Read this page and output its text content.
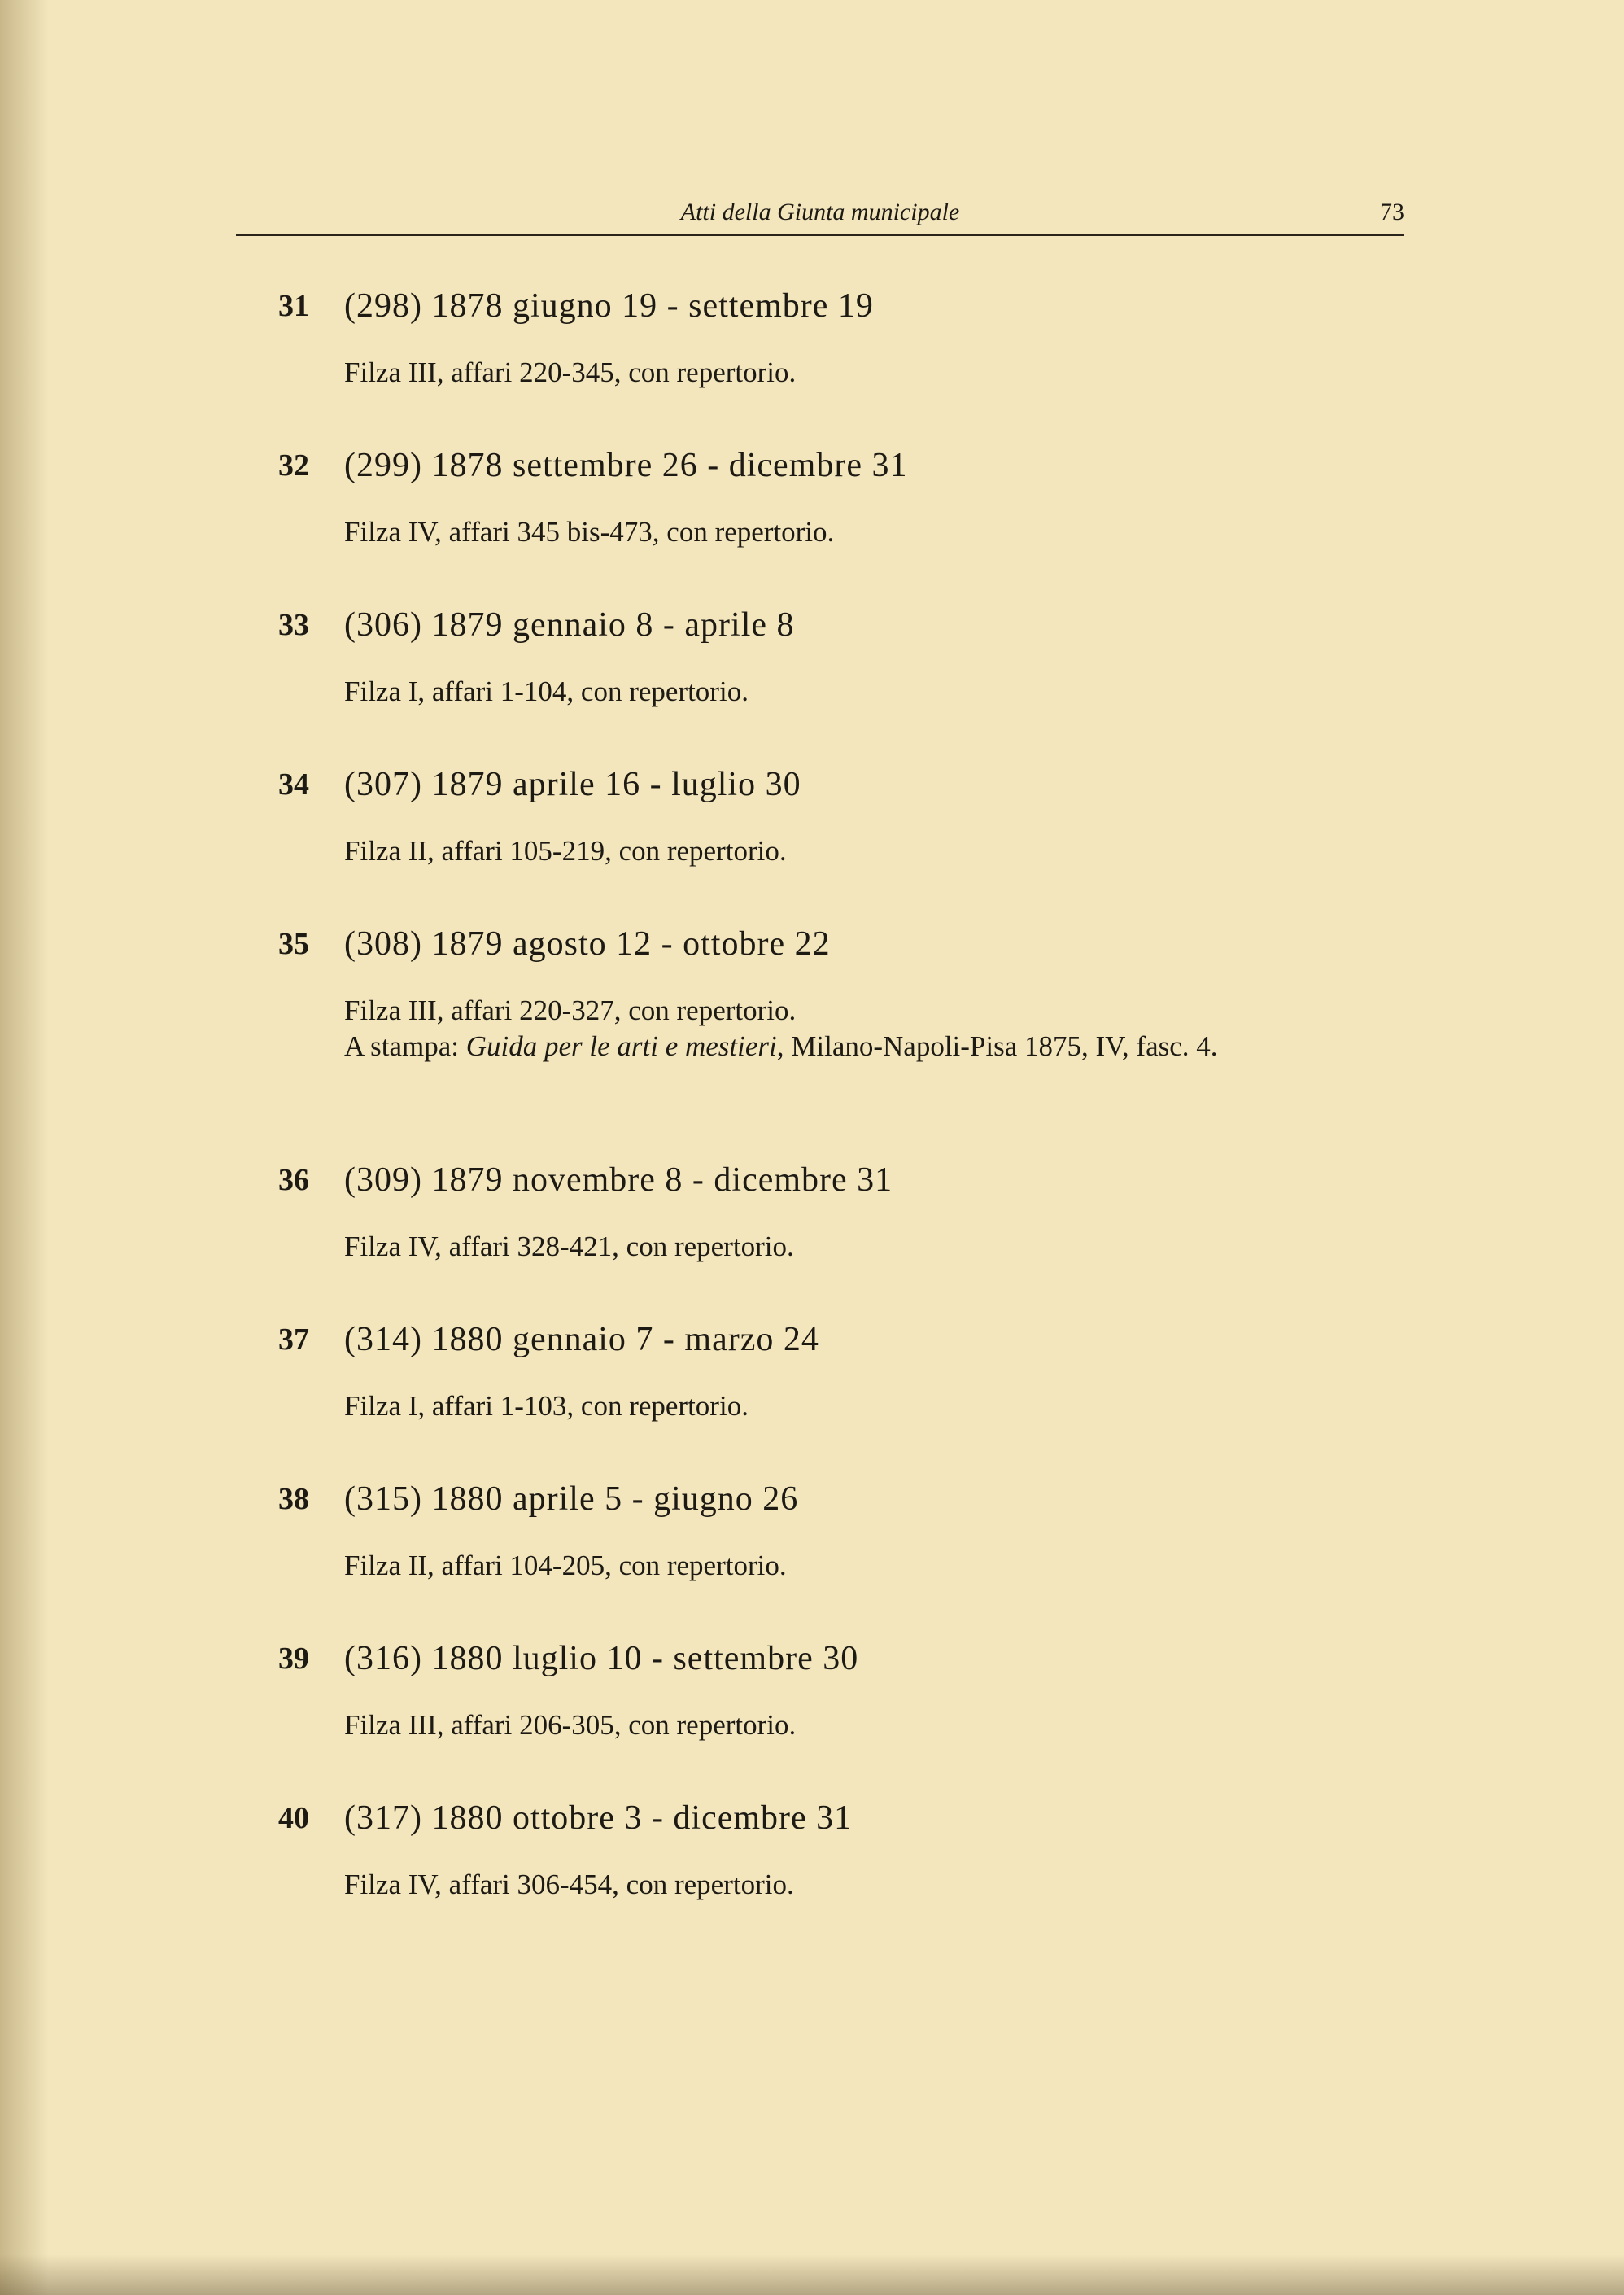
Atti della Giunta municipale	73
31 (298) 1878 giugno 19 - settembre 19
Filza III, affari 220-345, con repertorio.
32 (299) 1878 settembre 26 - dicembre 31
Filza IV, affari 345 bis-473, con repertorio.
33 (306) 1879 gennaio 8 - aprile 8
Filza I, affari 1-104, con repertorio.
34 (307) 1879 aprile 16 - luglio 30
Filza II, affari 105-219, con repertorio.
35 (308) 1879 agosto 12 - ottobre 22
Filza III, affari 220-327, con repertorio.
A stampa: Guida per le arti e mestieri, Milano-Napoli-Pisa 1875, IV, fasc. 4.
36 (309) 1879 novembre 8 - dicembre 31
Filza IV, affari 328-421, con repertorio.
37 (314) 1880 gennaio 7 - marzo 24
Filza I, affari 1-103, con repertorio.
38 (315) 1880 aprile 5 - giugno 26
Filza II, affari 104-205, con repertorio.
39 (316) 1880 luglio 10 - settembre 30
Filza III, affari 206-305, con repertorio.
40 (317) 1880 ottobre 3 - dicembre 31
Filza IV, affari 306-454, con repertorio.
